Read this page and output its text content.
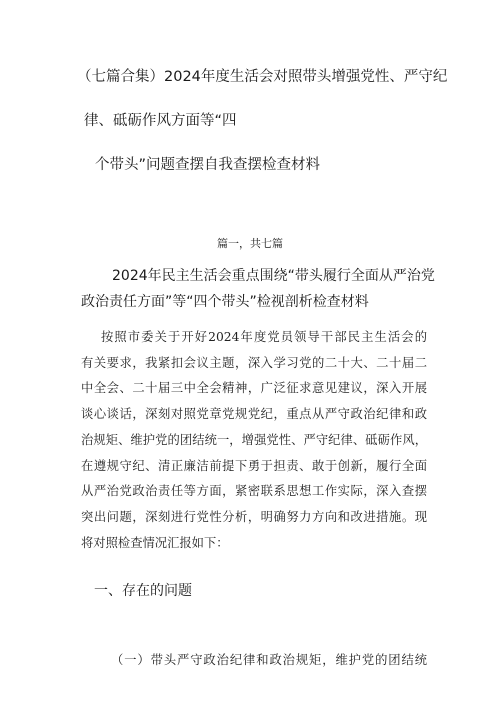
（七篇合集）2024年度生活会对照带头增强党性、严守纪
律、砥砺作风方面等“四
个带头”问题查摆自我查摆检查材料
篇一，共七篇
2024年民主生活会重点围绕“带头履行全面从严治党
政治责任方面”等“四个带头”检视剖析检查材料
按照市委关于开好2024年度党员领导干部民主生活会的
有关要求，我紧扣会议主题，深入学习党的二十大、二十届二
中全会、二十届三中全会精神，广泛征求意见建议，深入开展
谈心谈话，深刻对照党章党规党纪，重点从严守政治纪律和政
治规矩、维护党的团结统一，增强党性、严守纪律、砥砺作风，
在遵规守纪、清正廉洁前提下勇于担责、敢于创新，履行全面
从严治党政治责任等方面，紧密联系思想工作实际，深入查摆
突出问题，深刻进行党性分析，明确努力方向和改进措施。现
将对照检查情况汇报如下：
一、存在的问题
（一）带头严守政治纪律和政治规矩，维护党的团结统
